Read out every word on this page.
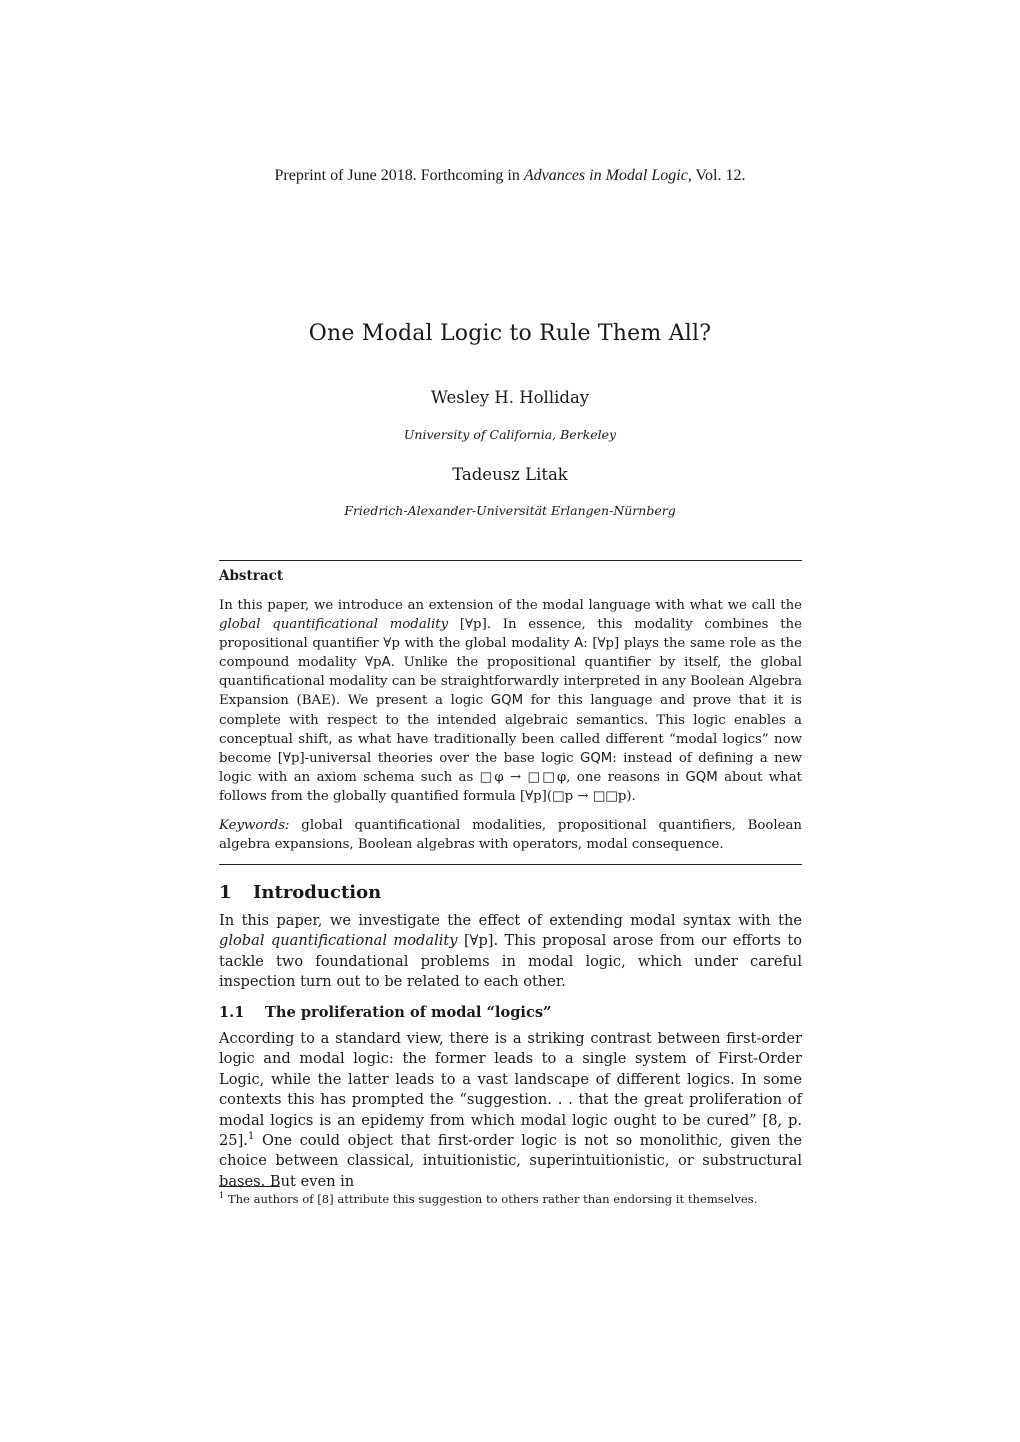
Preprint of June 2018. Forthcoming in Advances in Modal Logic, Vol. 12.
One Modal Logic to Rule Them All?
Wesley H. Holliday
University of California, Berkeley
Tadeusz Litak
Friedrich-Alexander-Universität Erlangen-Nürnberg
Abstract
In this paper, we introduce an extension of the modal language with what we call the global quantificational modality [∀p]. In essence, this modality combines the propositional quantifier ∀p with the global modality A: [∀p] plays the same role as the compound modality ∀pA. Unlike the propositional quantifier by itself, the global quantificational modality can be straightforwardly interpreted in any Boolean Algebra Expansion (BAE). We present a logic GQM for this language and prove that it is complete with respect to the intended algebraic semantics. This logic enables a conceptual shift, as what have traditionally been called different “modal logics” now become [∀p]-universal theories over the base logic GQM: instead of defining a new logic with an axiom schema such as □φ → □□φ, one reasons in GQM about what follows from the globally quantified formula [∀p](□p → □□p).
Keywords: global quantificational modalities, propositional quantifiers, Boolean algebra expansions, Boolean algebras with operators, modal consequence.
1 Introduction
In this paper, we investigate the effect of extending modal syntax with the global quantificational modality [∀p]. This proposal arose from our efforts to tackle two foundational problems in modal logic, which under careful inspection turn out to be related to each other.
1.1 The proliferation of modal “logics”
According to a standard view, there is a striking contrast between first-order logic and modal logic: the former leads to a single system of First-Order Logic, while the latter leads to a vast landscape of different logics. In some contexts this has prompted the “suggestion. . . that the great proliferation of modal logics is an epidemy from which modal logic ought to be cured” [8, p. 25].$^1$ One could object that first-order logic is not so monolithic, given the choice between classical, intuitionistic, superintuitionistic, or substructural bases. But even in
$^1$ The authors of [8] attribute this suggestion to others rather than endorsing it themselves.
